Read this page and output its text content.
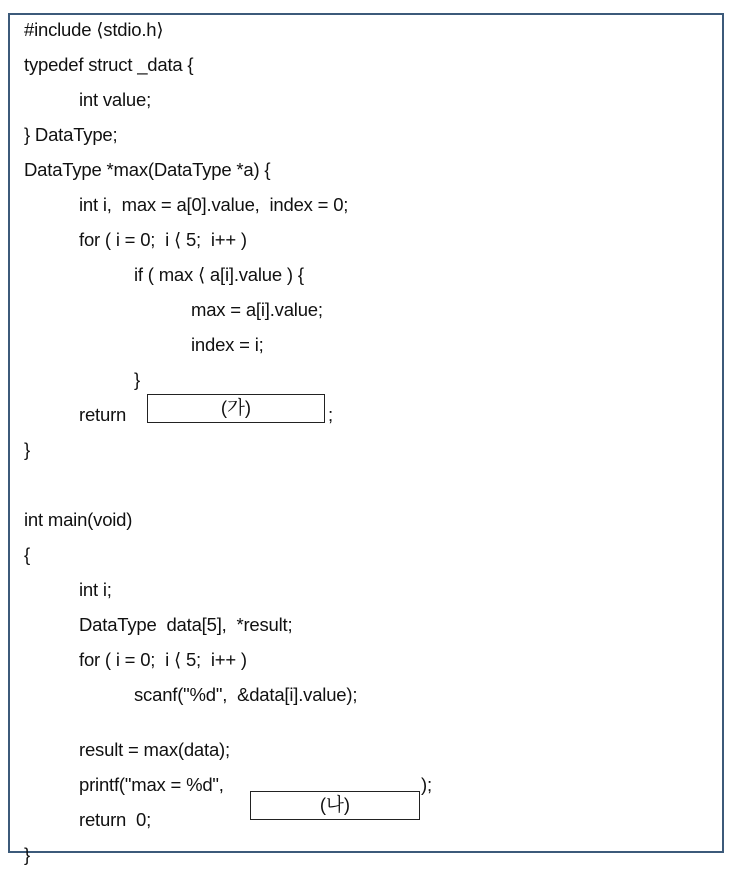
#include ⟨stdio.h⟩

typedef struct _data {

int value;

} DataType;

DataType *max(DataType *a) {

int i,  max = a[0].value,  index = 0;

for ( i = 0;  i ⟨ 5;  i++ )

if ( max ⟨ a[i].value ) {

max = a[i].value;

index = i;

}

return

	;

}

int main(void)

{

int i;

DataType  data[5],  *result;

for ( i = 0;  i ⟨ 5;  i++ )

scanf("%d",  &data[i].value);

result = max(data);

printf("max = %d",

	);

return  0;

}

(가)
(나)
